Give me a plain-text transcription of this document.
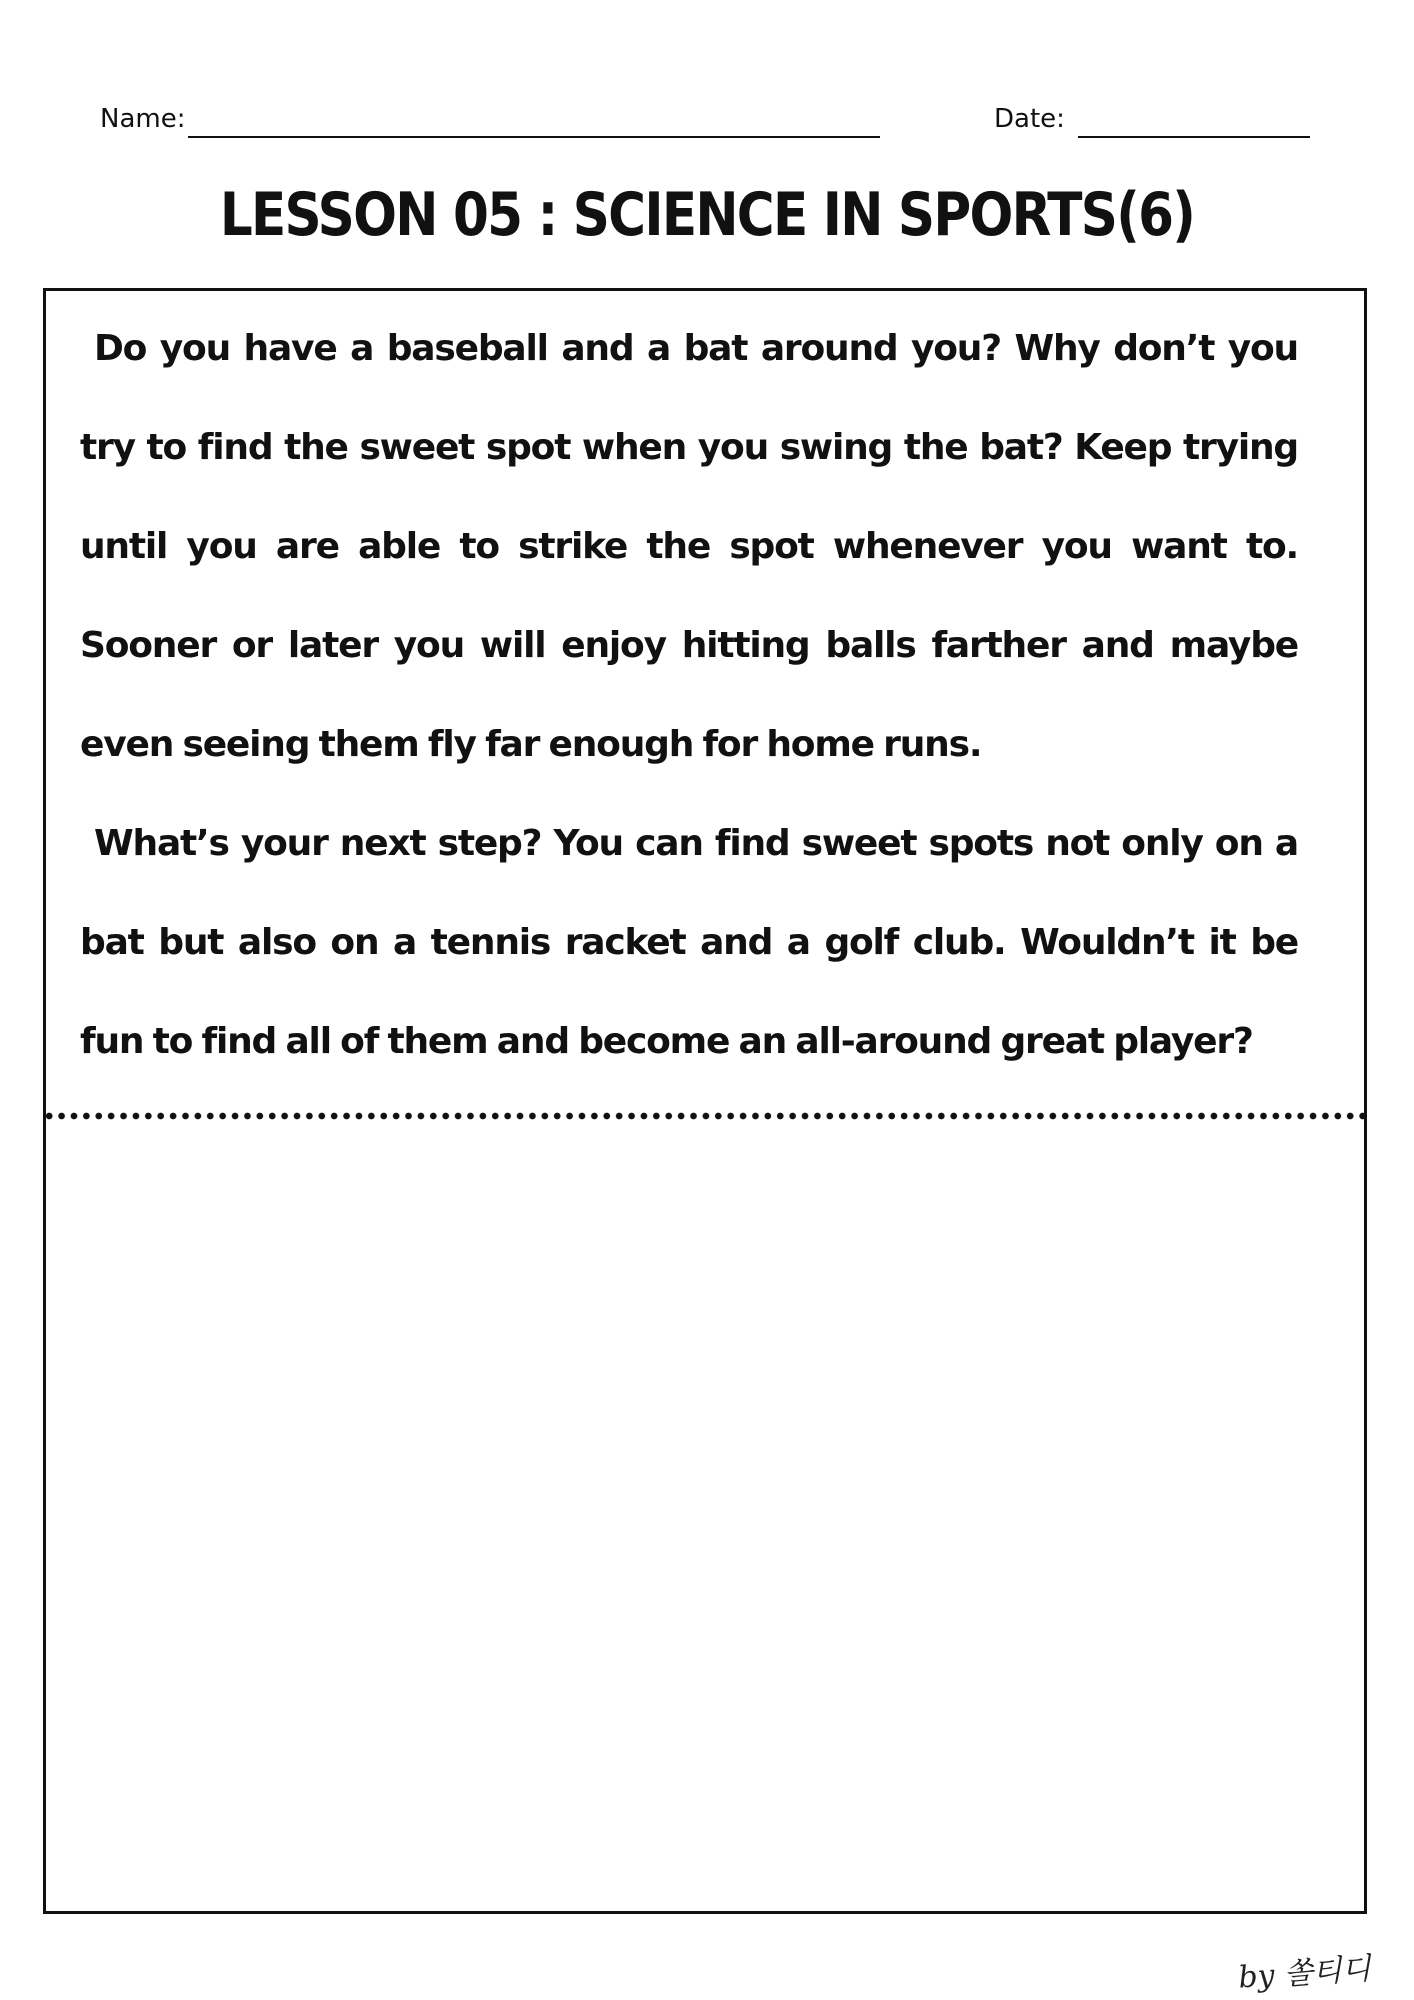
Name:	Date:
LESSON 05 : SCIENCE IN SPORTS(6)

Do you have a baseball and a bat around you? Why don’t you try to find the sweet spot when you swing the bat? Keep trying until you are able to strike the spot whenever you want to. Sooner or later you will enjoy hitting balls farther and maybe even seeing them fly far enough for home runs.

What’s your next step? You can find sweet spots not only on a bat but also on a tennis racket and a golf club. Wouldn’t it be fun to find all of them and become an all-around great player?

by 쏠티디
